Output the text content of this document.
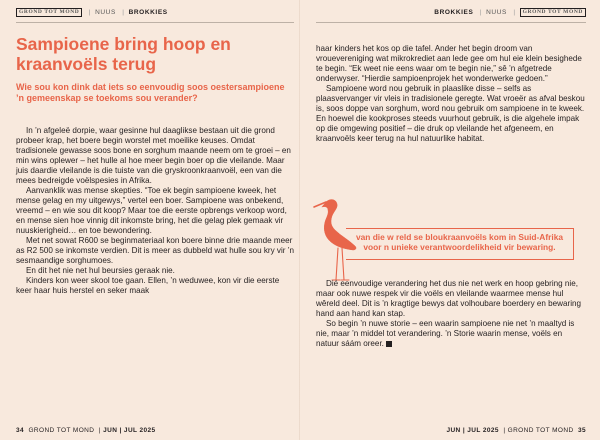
GROND TOT MOND | NUUS | BROKKIES
Sampioene bring hoop en kraanvoëls terug

Wie sou kon dink dat iets so eenvoudig soos oestersampioene ’n gemeenskap se toekoms sou verander?

In ’n afgeleë dorpie, waar gesinne hul daaglikse bestaan uit die grond probeer krap, het boere begin worstel met moeilike keuses. Omdat tradisionele gewasse soos bone en sorghum maande neem om te groei – en min wins oplewer – het hulle al hoe meer begin boer op die vleilande. Maar juis daardie vleilande is die tuiste van die gryskroonkraanvoël, een van die mees bedreigde voëlspesies in Afrika.

Aanvanklik was mense skepties. “Toe ek begin sampioene kweek, het mense gelag en my uitgewys,” vertel een boer. Sampioene was onbekend, vreemd – en wie sou dit koop? Maar toe die eerste opbrengs verkoop word, en mense sien hoe vinnig dit inkomste bring, het die gelag plek gemaak vir nuuskierigheid… en toe bewondering.

Met net sowat R600 se beginmateriaal kon boere binne drie maande meer as R2 500 se inkomste verdien. Dit is meer as dubbeld wat hulle sou kry vir ’n sesmaandige sorghumoes.

En dit het nie net hul beursies geraak nie.

Kinders kon weer skool toe gaan. Ellen, ’n weduwee, kon vir die eerste keer haar huis herstel en seker maak

34 GROND TOT MOND  | JUN | JUL 2025
BROKKIES | NUUS | GROND TOT MOND

haar kinders het kos op die tafel. Ander het begin droom van vrouevereniging wat mikrokrediet aan lede gee om hul eie klein besighede te begin. “Ek weet nie eens waar om te begin nie,” sê ’n afgetrede onderwyser. “Hierdie sampioenprojek het wonderwerke gedoen.”

Sampioene word nou gebruik in plaaslike disse – selfs as plaasvervanger vir vleis in tradisionele geregte. Wat vroeër as afval beskou is, soos doppe van sorghum, word nou gebruik om sampioene in te kweek. En hoewel die kookproses steeds vuurhout gebruik, is die algehele impak op die omgewing positief – die druk op vleilande het afgeneem, en kraanvoëls keer terug na hul natuurlike habitat.

van die w reld se bloukraanvoëls kom in Suid-Afrika voor n unieke verantwoordelikheid vir bewaring.

Dié eenvoudige verandering het dus nie net werk en hoop gebring nie, maar ook nuwe respek vir die voëls en vleilande waarmee mense hul wêreld deel. Dit is ’n kragtige bewys dat volhoubare boerdery en bewaring hand aan hand kan stap.

So begin ’n nuwe storie – een waarin sampioene nie net ’n maaltyd is nie, maar ’n middel tot verandering. ’n Storie waarin mense, voëls en natuur sáám oreer.

JUN | JUL 2025  | GROND TOT MOND 35
